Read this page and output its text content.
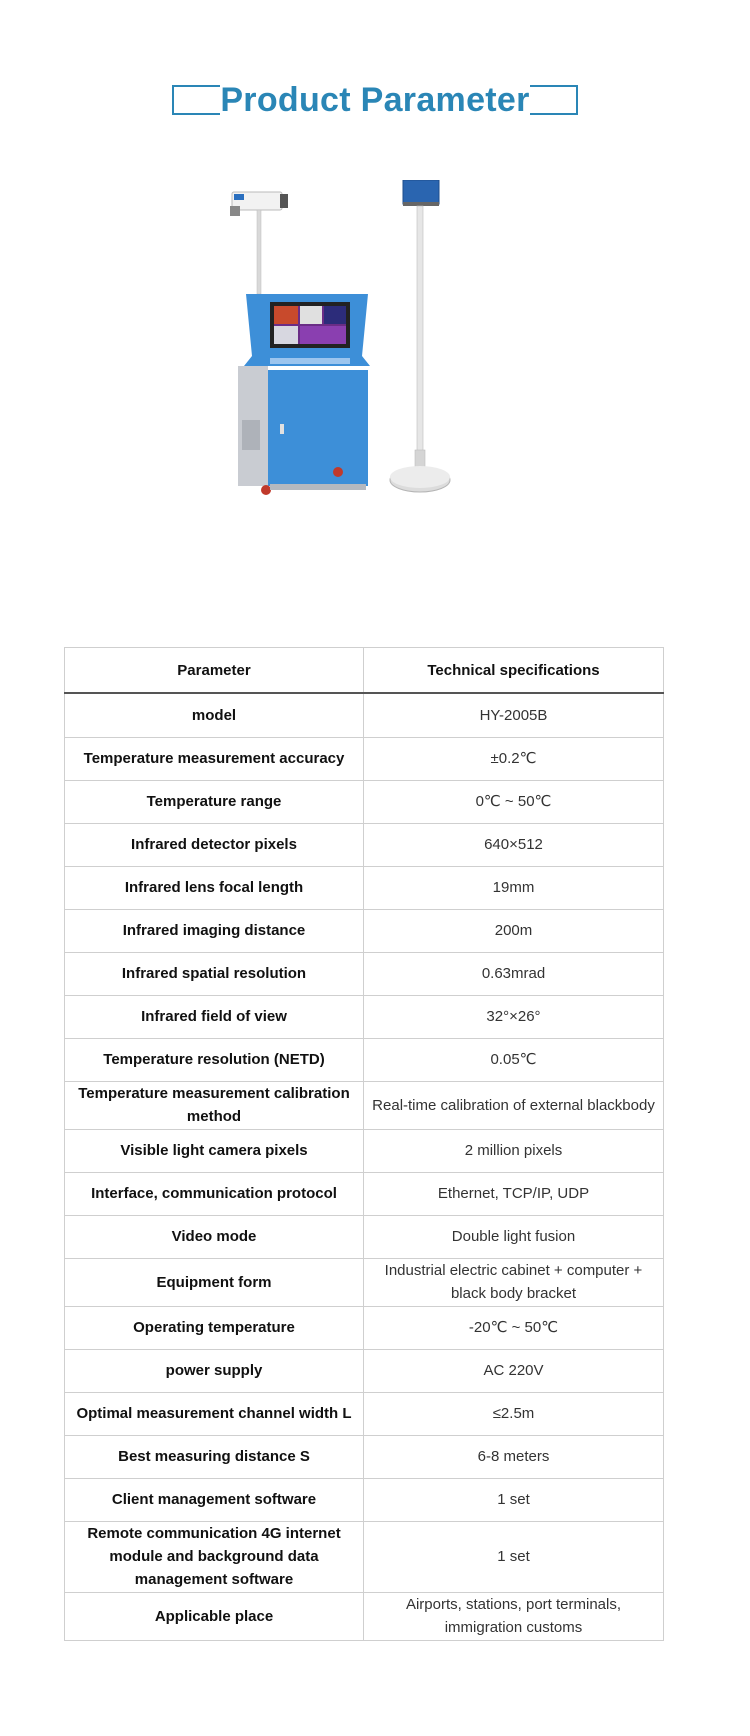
Product Parameter
Parameter	Technical specifications
model	HY-2005B
Temperature measurement accuracy	±0.2℃
Temperature range	0℃ ~ 50℃
Infrared detector pixels	640×512
Infrared lens focal length	19mm
Infrared imaging distance	200m
Infrared spatial resolution	0.63mrad
Infrared field of view	32°×26°
Temperature resolution (NETD)	0.05℃
Temperature measurement calibration method	Real-time calibration of external blackbody
Visible light camera pixels	2 million pixels
Interface, communication protocol	Ethernet, TCP/IP, UDP
Video mode	Double light fusion
Equipment form	Industrial electric cabinet + computer + black body bracket
Operating temperature	-20℃ ~ 50℃
power supply	AC 220V
Optimal measurement channel width L	≤2.5m
Best measuring distance S	6-8 meters
Client management software	1 set
Remote communication 4G internet module and background data management software	1 set
Applicable place	Airports, stations, port terminals, immigration customs
